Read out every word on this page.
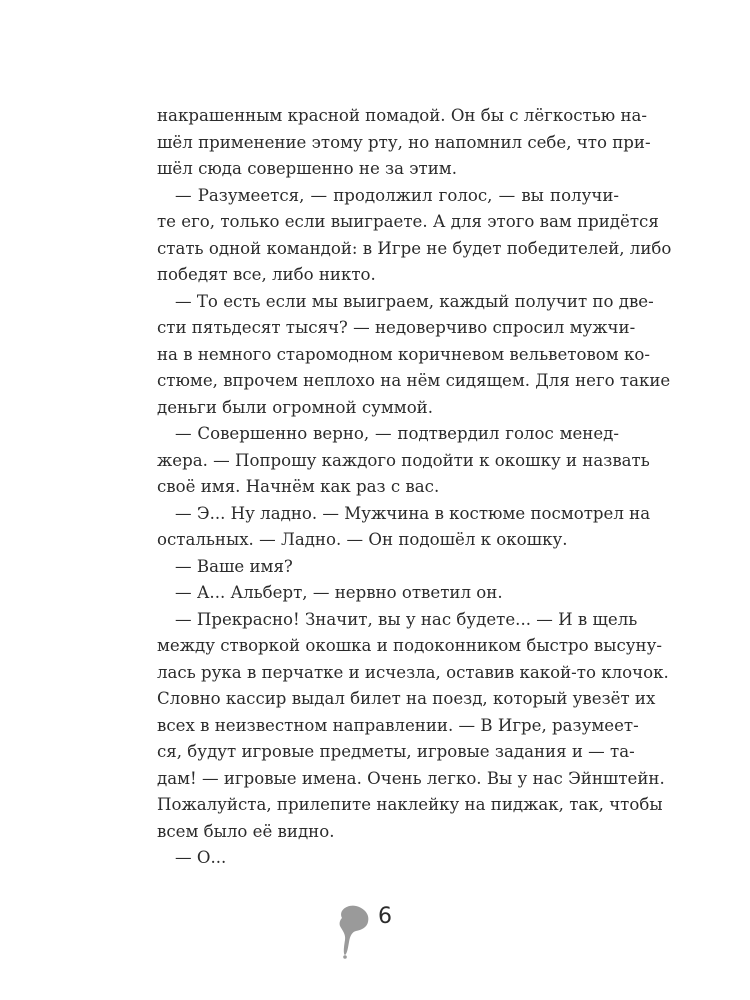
накрашенным красной помадой. Он бы с лёгкостью на-
шёл применение этому рту, но напомнил себе, что при-
шёл сюда совершенно не за этим.
— Разумеется, — продолжил голос, — вы получи-
те его, только если выиграете. А для этого вам придётся
стать одной командой: в Игре не будет победителей, либо
победят все, либо никто.
— То есть если мы выиграем, каждый получит по две-
сти пятьдесят тысяч? — недоверчиво спросил мужчи-
на в немного старомодном коричневом вельветовом ко-
стюме, впрочем неплохо на нём сидящем. Для него такие
деньги были огромной суммой.
— Совершенно верно, — подтвердил голос менед-
жера. — Попрошу каждого подойти к окошку и назвать
своё имя. Начнём как раз с вас.
— Э... Ну ладно. — Мужчина в костюме посмотрел на
остальных. — Ладно. — Он подошёл к окошку.
— Ваше имя?
— А... Альберт, — нервно ответил он.
— Прекрасно! Значит, вы у нас будете... — И в щель
между створкой окошка и подоконником быстро высуну-
лась рука в перчатке и исчезла, оставив какой-то клочок.
Словно кассир выдал билет на поезд, который увезёт их
всех в неизвестном направлении. — В Игре, разумеет-
ся, будут игровые предметы, игровые задания и — та-
дам! — игровые имена. Очень легко. Вы у нас Эйнштейн.
Пожалуйста, прилепите наклейку на пиджак, так, чтобы
всем было её видно.
— О...
6
